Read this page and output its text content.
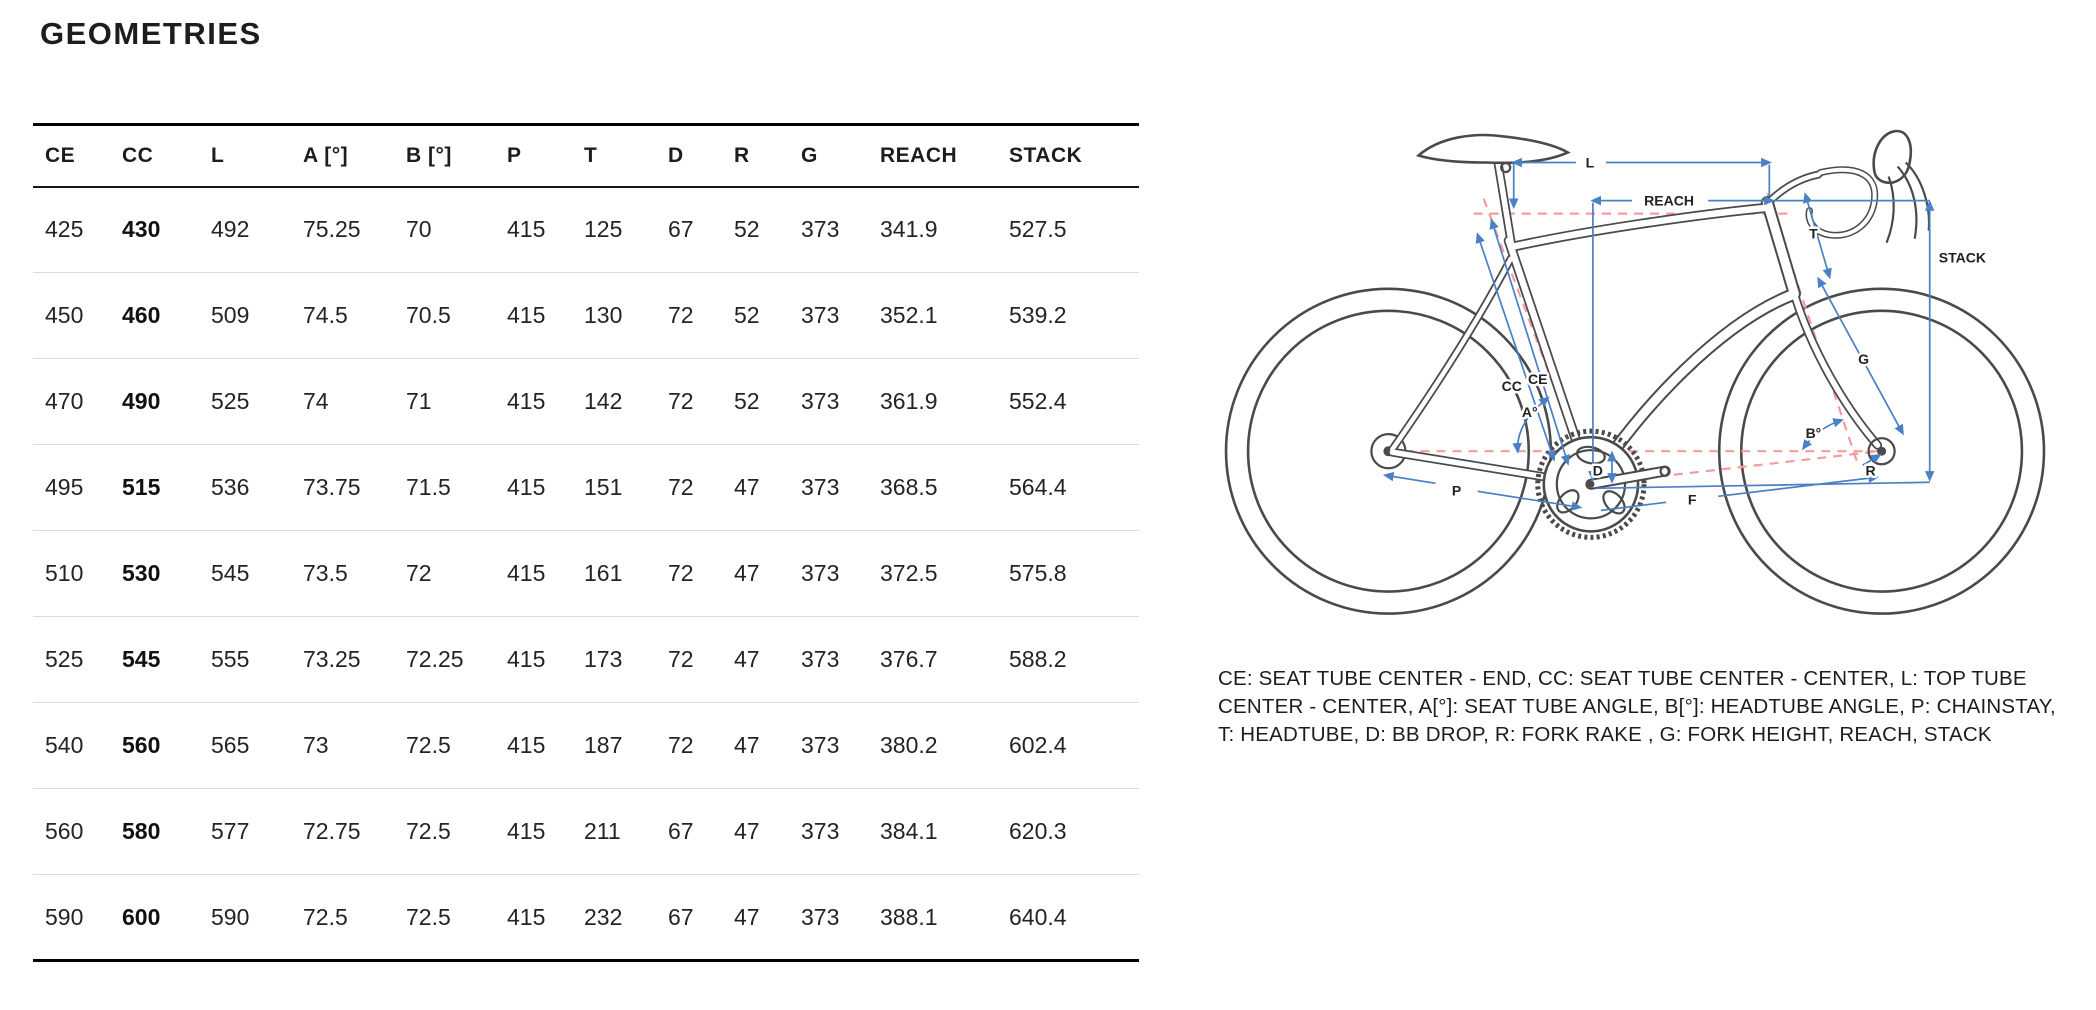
GEOMETRIES
CE	CC	L	A [°]	B [°]	P	T	D	R	G	REACH	STACK
425	430	492	75.25	70	415	125	67	52	373	341.9	527.5
450	460	509	74.5	70.5	415	130	72	52	373	352.1	539.2
470	490	525	74	71	415	142	72	52	373	361.9	552.4
495	515	536	73.75	71.5	415	151	72	47	373	368.5	564.4
510	530	545	73.5	72	415	161	72	47	373	372.5	575.8
525	545	555	73.25	72.25	415	173	72	47	373	376.7	588.2
540	560	565	73	72.5	415	187	72	47	373	380.2	602.4
560	580	577	72.75	72.5	415	211	67	47	373	384.1	620.3
590	600	590	72.5	72.5	415	232	67	47	373	388.1	640.4
L
REACH
T
STACK
G
CC CE
A°
B°
D	R
P
F

CE: SEAT TUBE CENTER - END, CC: SEAT TUBE CENTER - CENTER, L: TOP TUBE CENTER - CENTER, A[°]: SEAT TUBE ANGLE, B[°]: HEADTUBE ANGLE, P: CHAINSTAY, T: HEADTUBE, D: BB DROP, R: FORK RAKE , G: FORK HEIGHT, REACH, STACK
